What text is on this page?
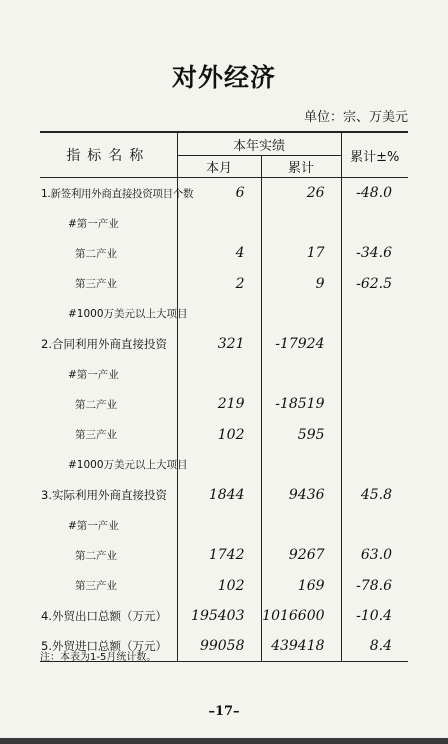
对外经济
单位：宗、万美元
指标名称	本年实绩		累计±%
	本月	累计	
1.新签利用外商直接投资项目个数	6	26	-48.0
#第一产业			
第二产业	4	17	-34.6
第三产业	2	9	-62.5
#1000万美元以上大项目			
2.合同利用外商直接投资	321	-17924	
#第一产业			
第二产业	219	-18519	
第三产业	102	595	
#1000万美元以上大项目			
3.实际利用外商直接投资	1844	9436	45.8
#第一产业			
第二产业	1742	9267	63.0
第三产业	102	169	-78.6
4.外贸出口总额（万元）	195403	1016600	-10.4
5.外贸进口总额（万元）	99058	439418	8.4
注：本表为1-5月统计数。
–17–
